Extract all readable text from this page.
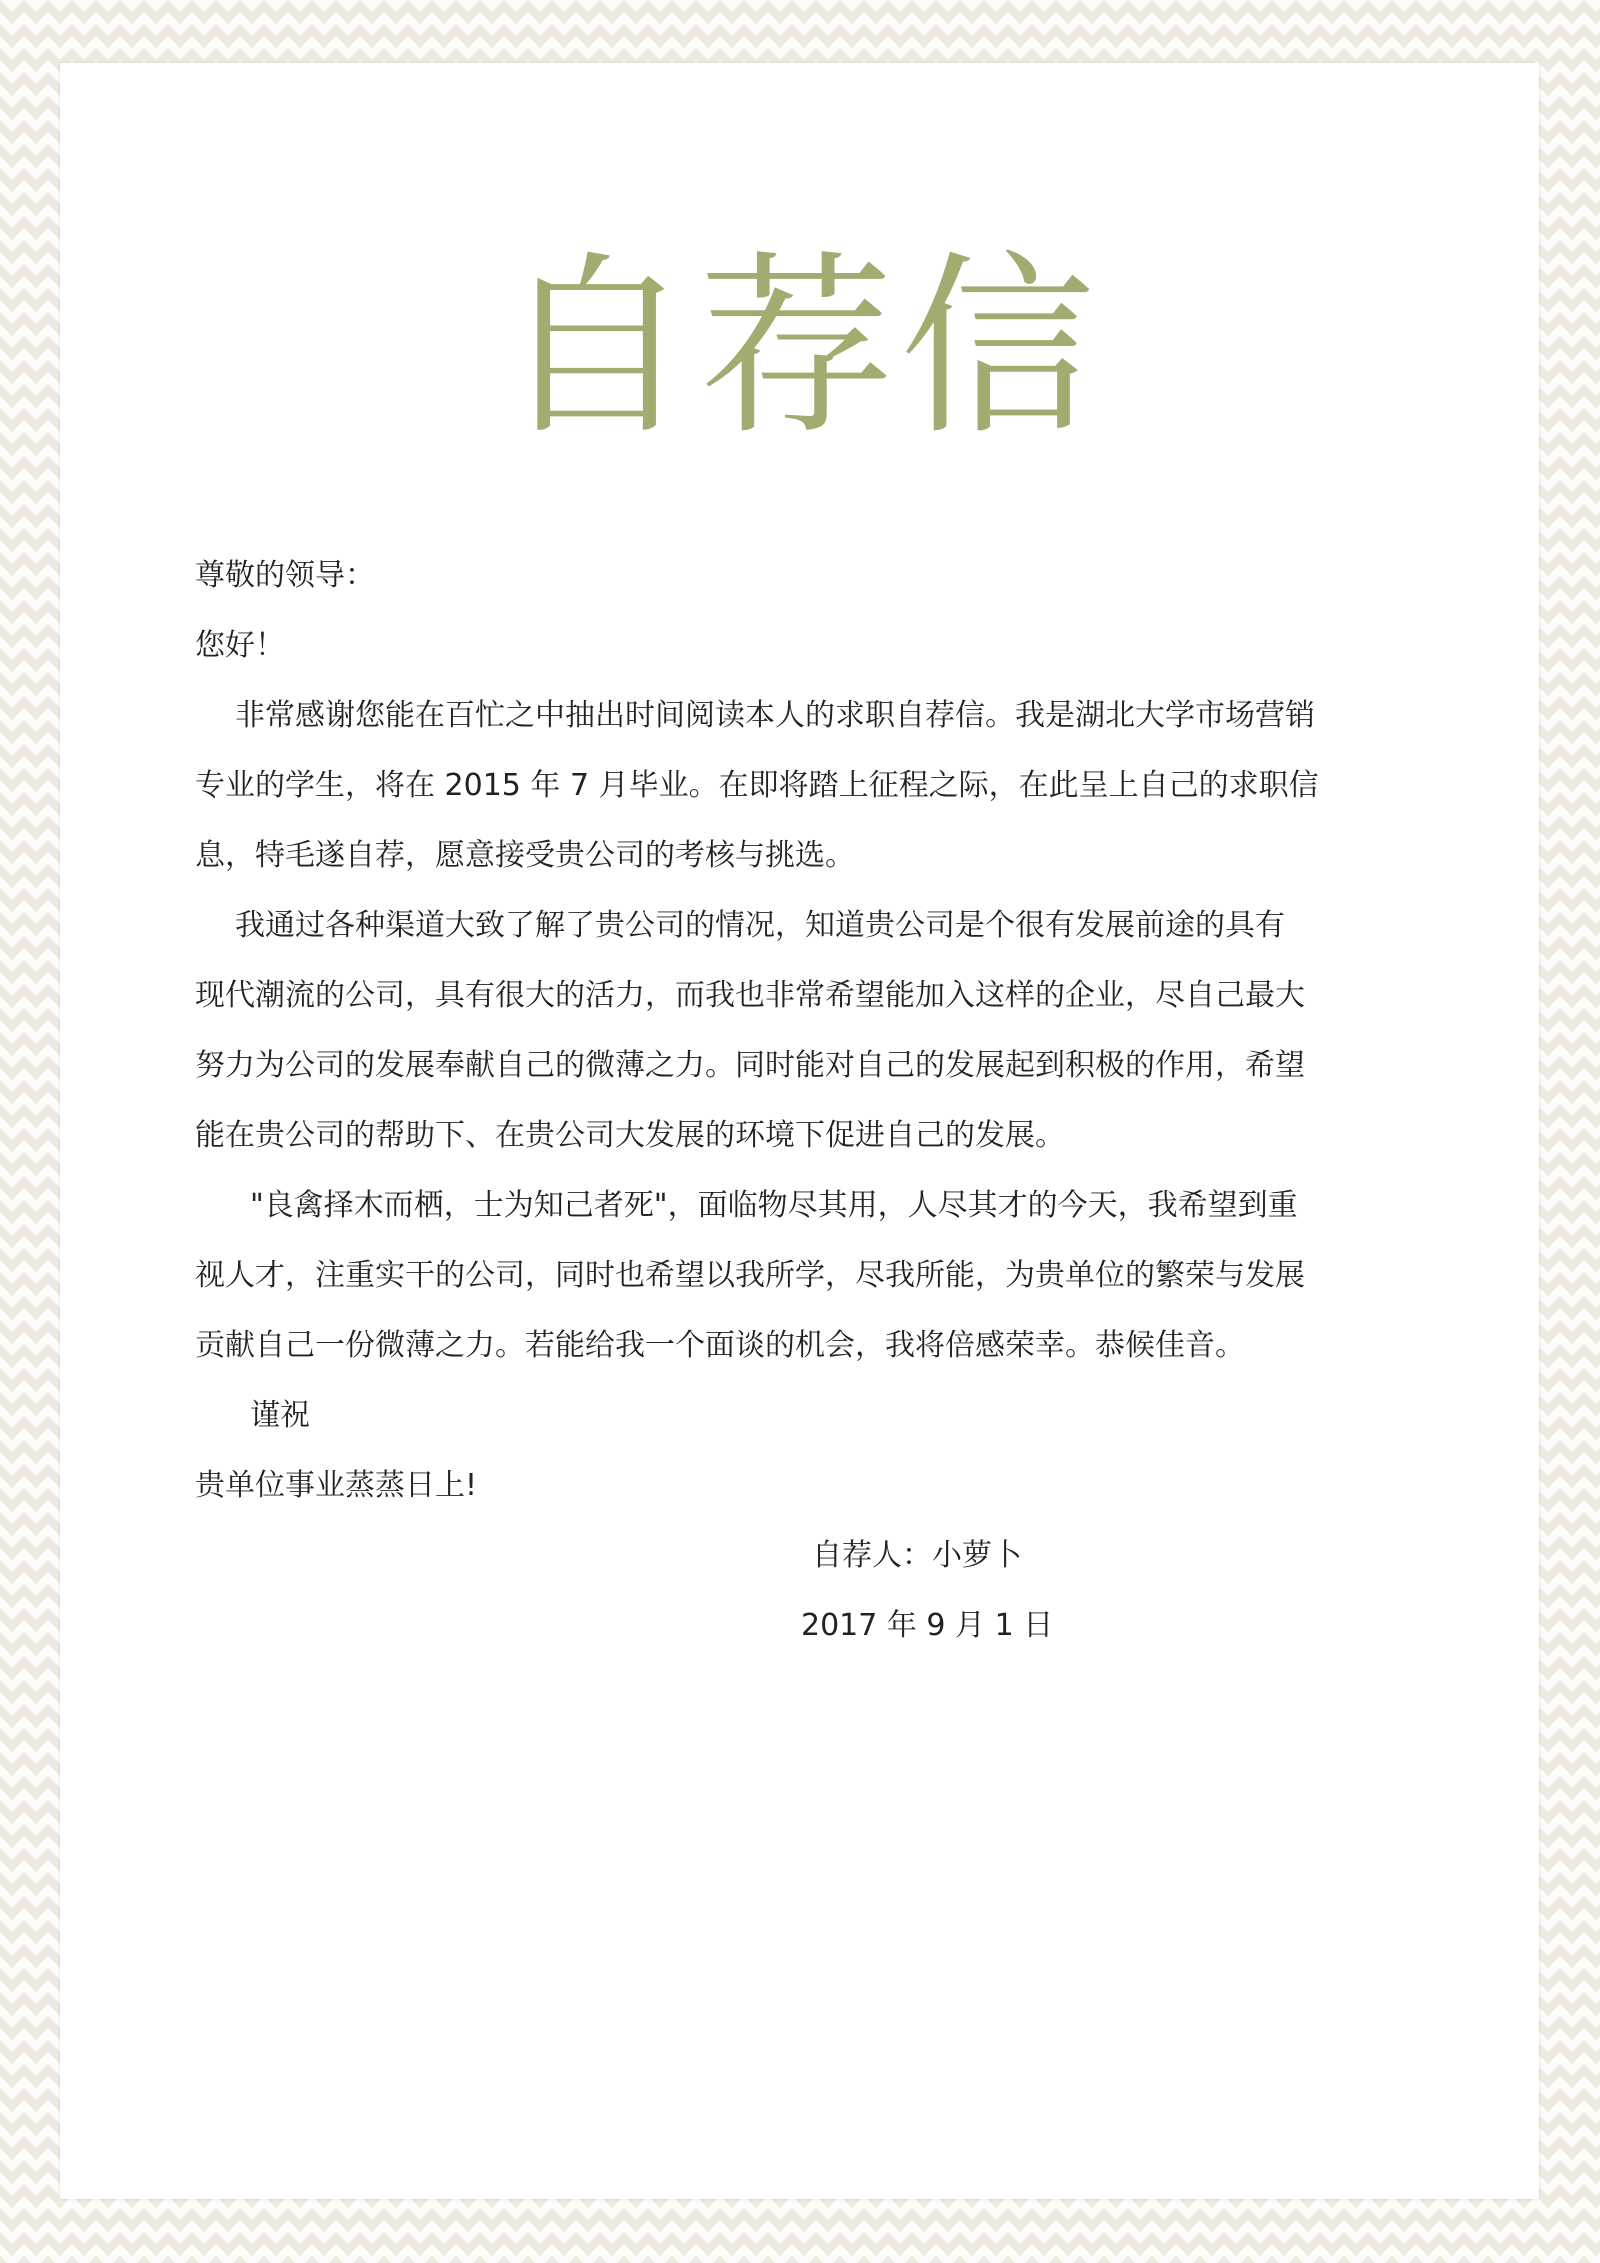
自荐信
尊敬的领导：
您好！
非常感谢您能在百忙之中抽出时间阅读本人的求职自荐信。我是湖北大学市场营销
专业的学生，将在 2015 年 7 月毕业。在即将踏上征程之际，在此呈上自己的求职信
息，特毛遂自荐，愿意接受贵公司的考核与挑选。
我通过各种渠道大致了解了贵公司的情况，知道贵公司是个很有发展前途的具有
现代潮流的公司，具有很大的活力，而我也非常希望能加入这样的企业，尽自己最大
努力为公司的发展奉献自己的微薄之力。同时能对自己的发展起到积极的作用，希望
能在贵公司的帮助下、在贵公司大发展的环境下促进自己的发展。
"良禽择木而栖，士为知己者死"，面临物尽其用，人尽其才的今天，我希望到重
视人才，注重实干的公司，同时也希望以我所学，尽我所能，为贵单位的繁荣与发展
贡献自己一份微薄之力。若能给我一个面谈的机会，我将倍感荣幸。恭候佳音。
谨祝
贵单位事业蒸蒸日上!
自荐人：小萝卜
2017 年 9 月 1 日
